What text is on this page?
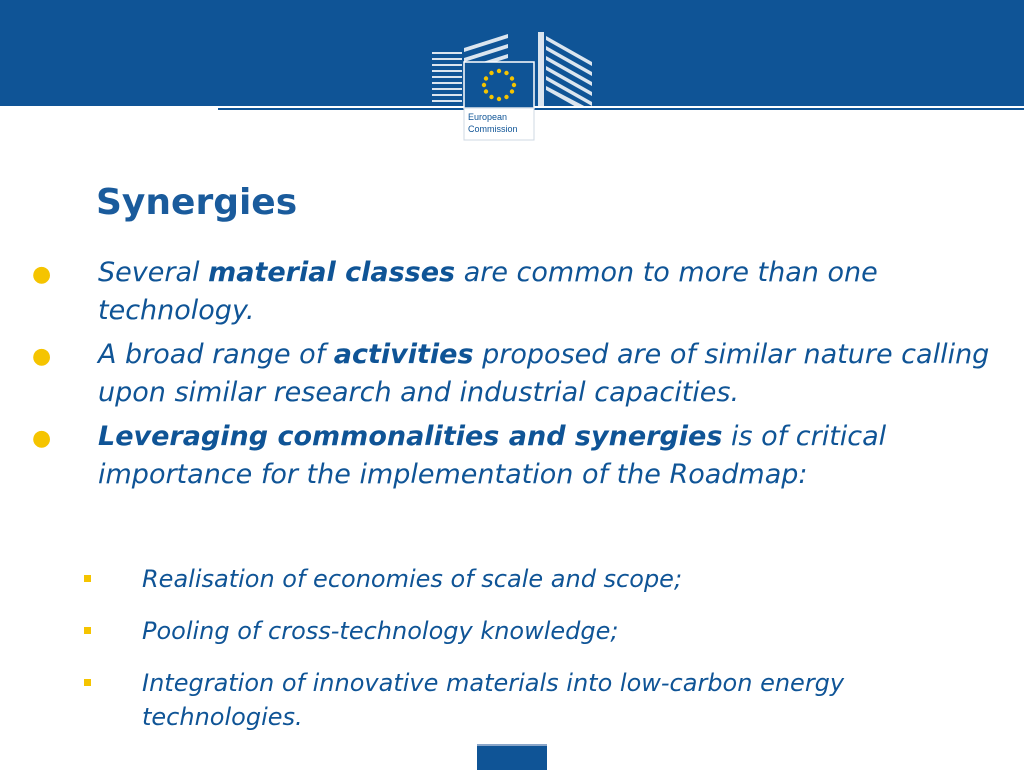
European
Commission
Synergies
● Several material classes are common to more than one technology.
● A broad range of activities proposed are of similar nature calling upon similar research and industrial capacities.
● Leveraging commonalities and synergies is of critical importance for the implementation of the Roadmap:
Realisation of economies of scale and scope;
Pooling of cross-technology knowledge;
Integration of innovative materials into low-carbon energy technologies.
